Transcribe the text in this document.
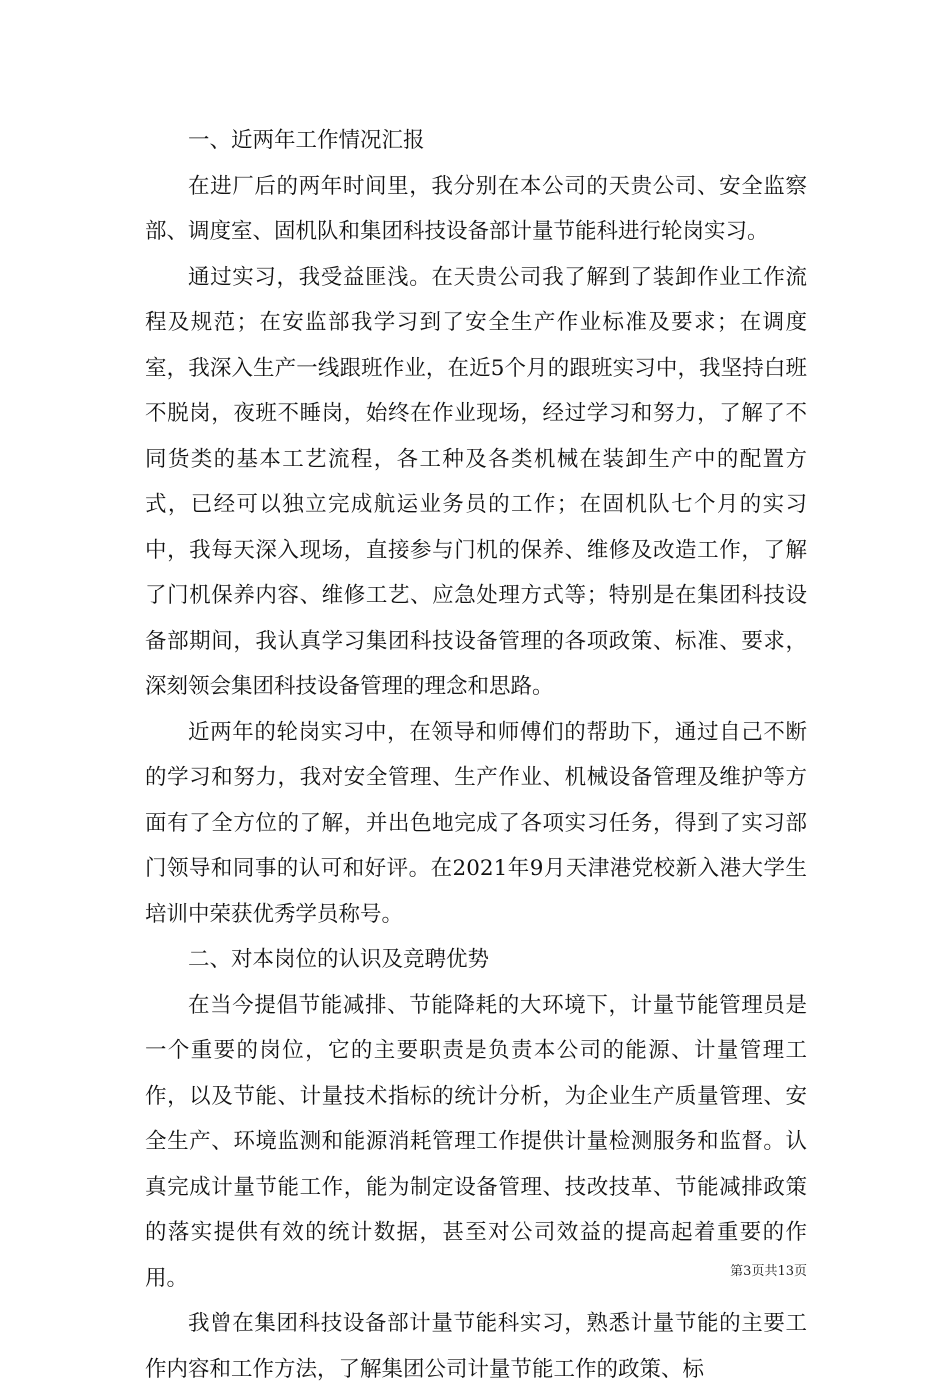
一、近两年工作情况汇报

在进厂后的两年时间里，我分别在本公司的天贵公司、安全监察部、调度室、固机队和集团科技设备部计量节能科进行轮岗实习。

通过实习，我受益匪浅。在天贵公司我了解到了装卸作业工作流程及规范；在安监部我学习到了安全生产作业标准及要求；在调度室，我深入生产一线跟班作业，在近5个月的跟班实习中，我坚持白班不脱岗，夜班不睡岗，始终在作业现场，经过学习和努力，了解了不同货类的基本工艺流程，各工种及各类机械在装卸生产中的配置方式，已经可以独立完成航运业务员的工作；在固机队七个月的实习中，我每天深入现场，直接参与门机的保养、维修及改造工作，了解了门机保养内容、维修工艺、应急处理方式等；特别是在集团科技设备部期间，我认真学习集团科技设备管理的各项政策、标准、要求，深刻领会集团科技设备管理的理念和思路。

近两年的轮岗实习中，在领导和师傅们的帮助下，通过自己不断的学习和努力，我对安全管理、生产作业、机械设备管理及维护等方面有了全方位的了解，并出色地完成了各项实习任务，得到了实习部门领导和同事的认可和好评。在2021年9月天津港党校新入港大学生培训中荣获优秀学员称号。

二、对本岗位的认识及竞聘优势

在当今提倡节能减排、节能降耗的大环境下，计量节能管理员是一个重要的岗位，它的主要职责是负责本公司的能源、计量管理工作，以及节能、计量技术指标的统计分析，为企业生产质量管理、安全生产、环境监测和能源消耗管理工作提供计量检测服务和监督。认真完成计量节能工作，能为制定设备管理、技改技革、节能减排政策的落实提供有效的统计数据，甚至对公司效益的提高起着重要的作用。

我曾在集团科技设备部计量节能科实习，熟悉计量节能的主要工作内容和工作方法，了解集团公司计量节能工作的政策、标

第3页共13页
